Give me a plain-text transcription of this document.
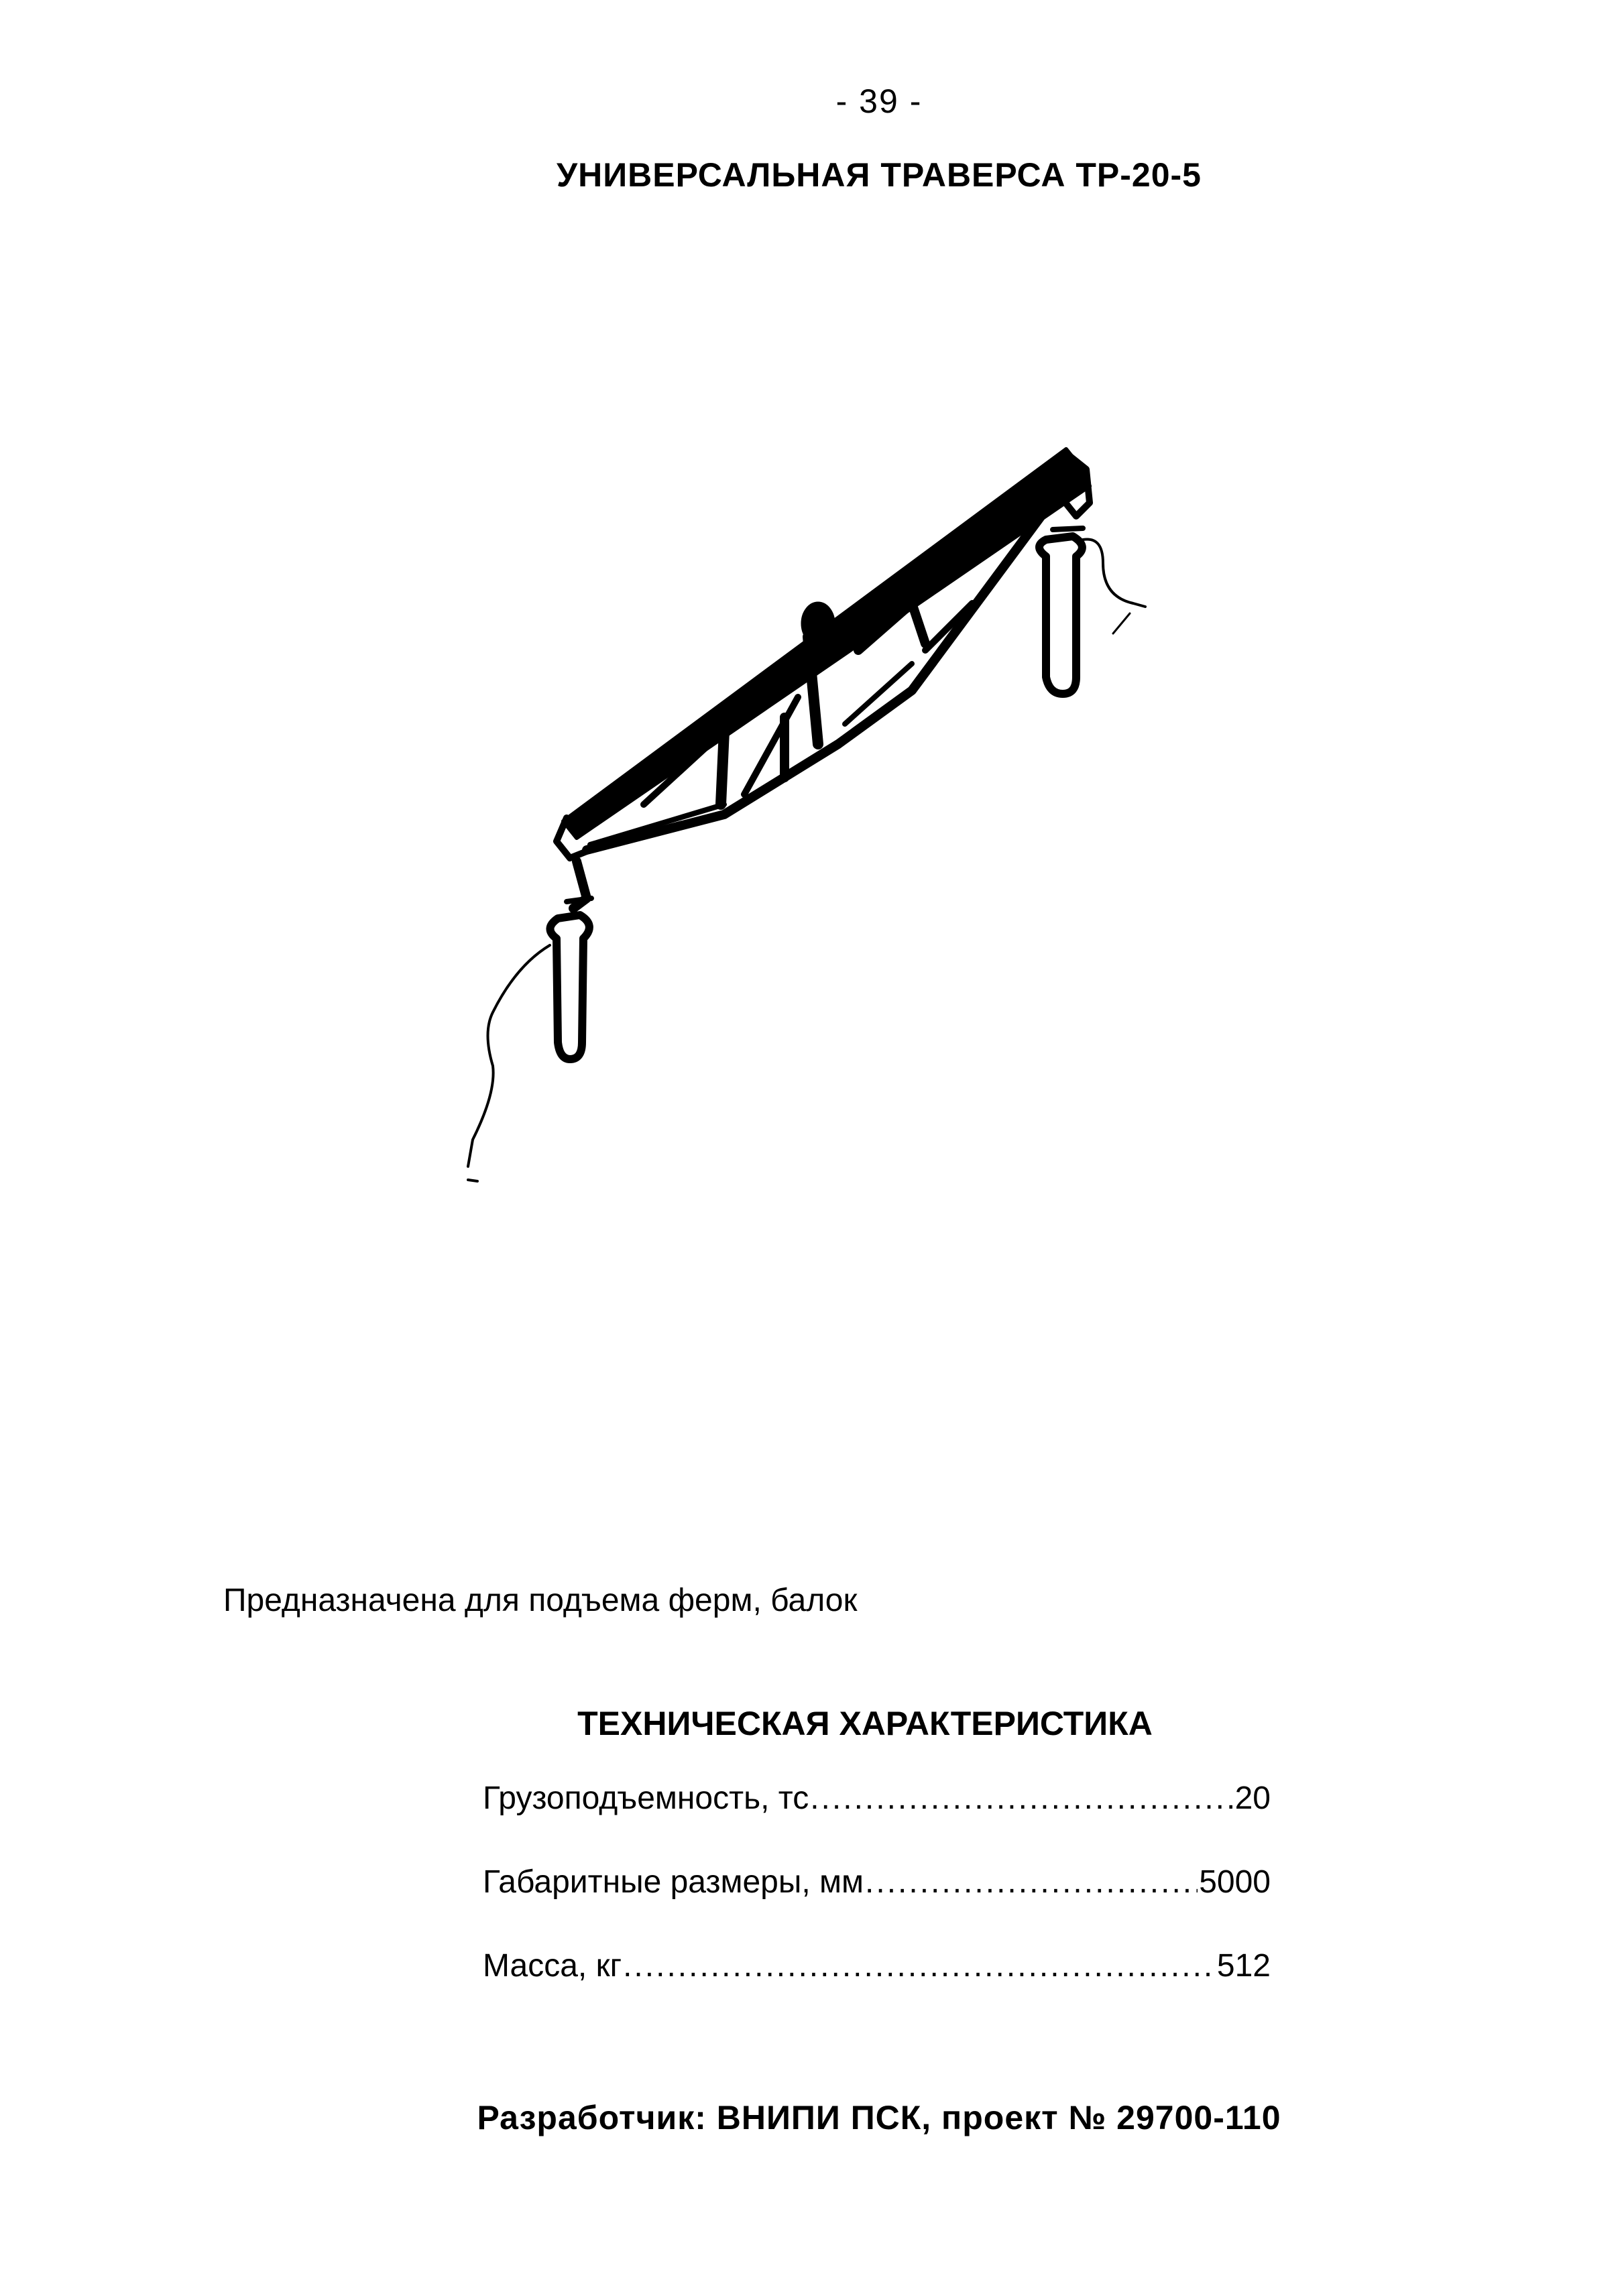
- 39 -
УНИВЕРСАЛЬНАЯ ТРАВЕРСА ТР-20-5
Предназначена для подъема ферм, балок
ТЕХНИЧЕСКАЯ ХАРАКТЕРИСТИКА
Грузоподъемность, тс .....	20
Габаритные размеры, мм .....	5000
Масса, кг .....	512
Разработчик: ВНИПИ ПСК, проект № 29700-110
